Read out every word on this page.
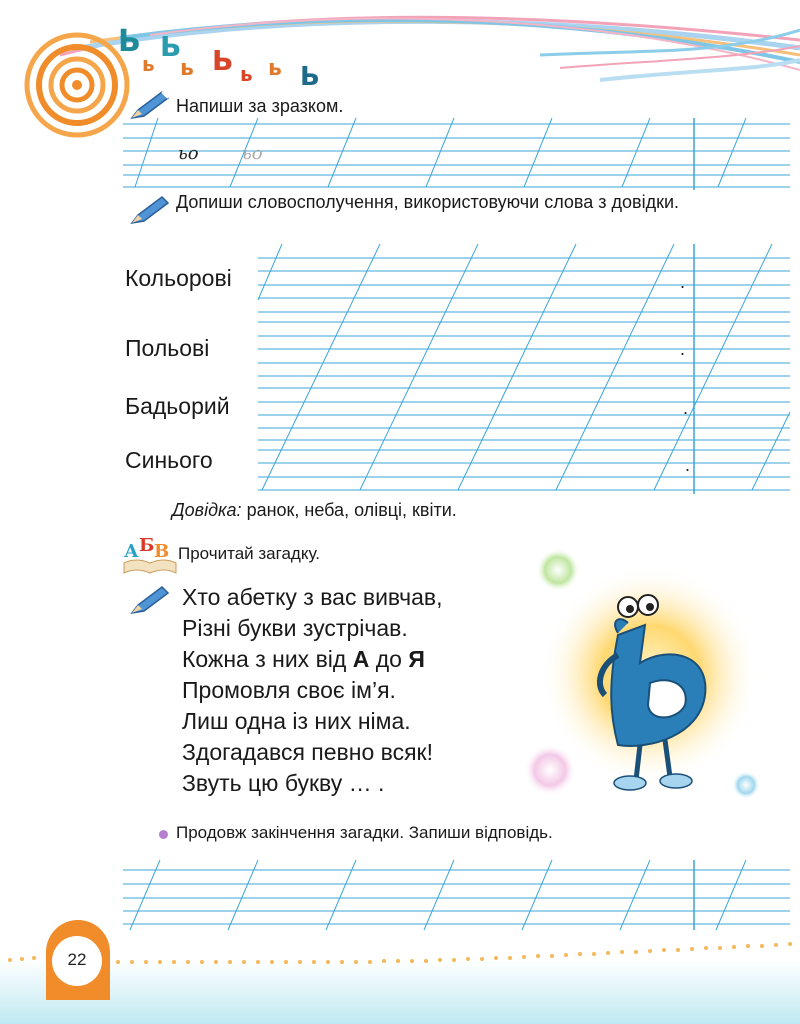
Ь
ь
Ь
ь Ь ь ь Ь
Напиши за зразком.
ьо ьо
Допиши словосполучення, використовуючи слова з довідки.
Кольорові
Польові
Бадьорий
Синього
.
.
.
.
Довідка: ранок, неба, олівці, квіти.
А Б В Прочитай загадку.
Хто абетку з вас вивчав,
Різні букви зустрічав.
Кожна з них від А до Я
Промовля своє ім’я.
Лиш одна із них німа.
Здогадався певно всяк!
Звуть цю букву … .
Продовж закінчення загадки. Запиши відповідь.
22
